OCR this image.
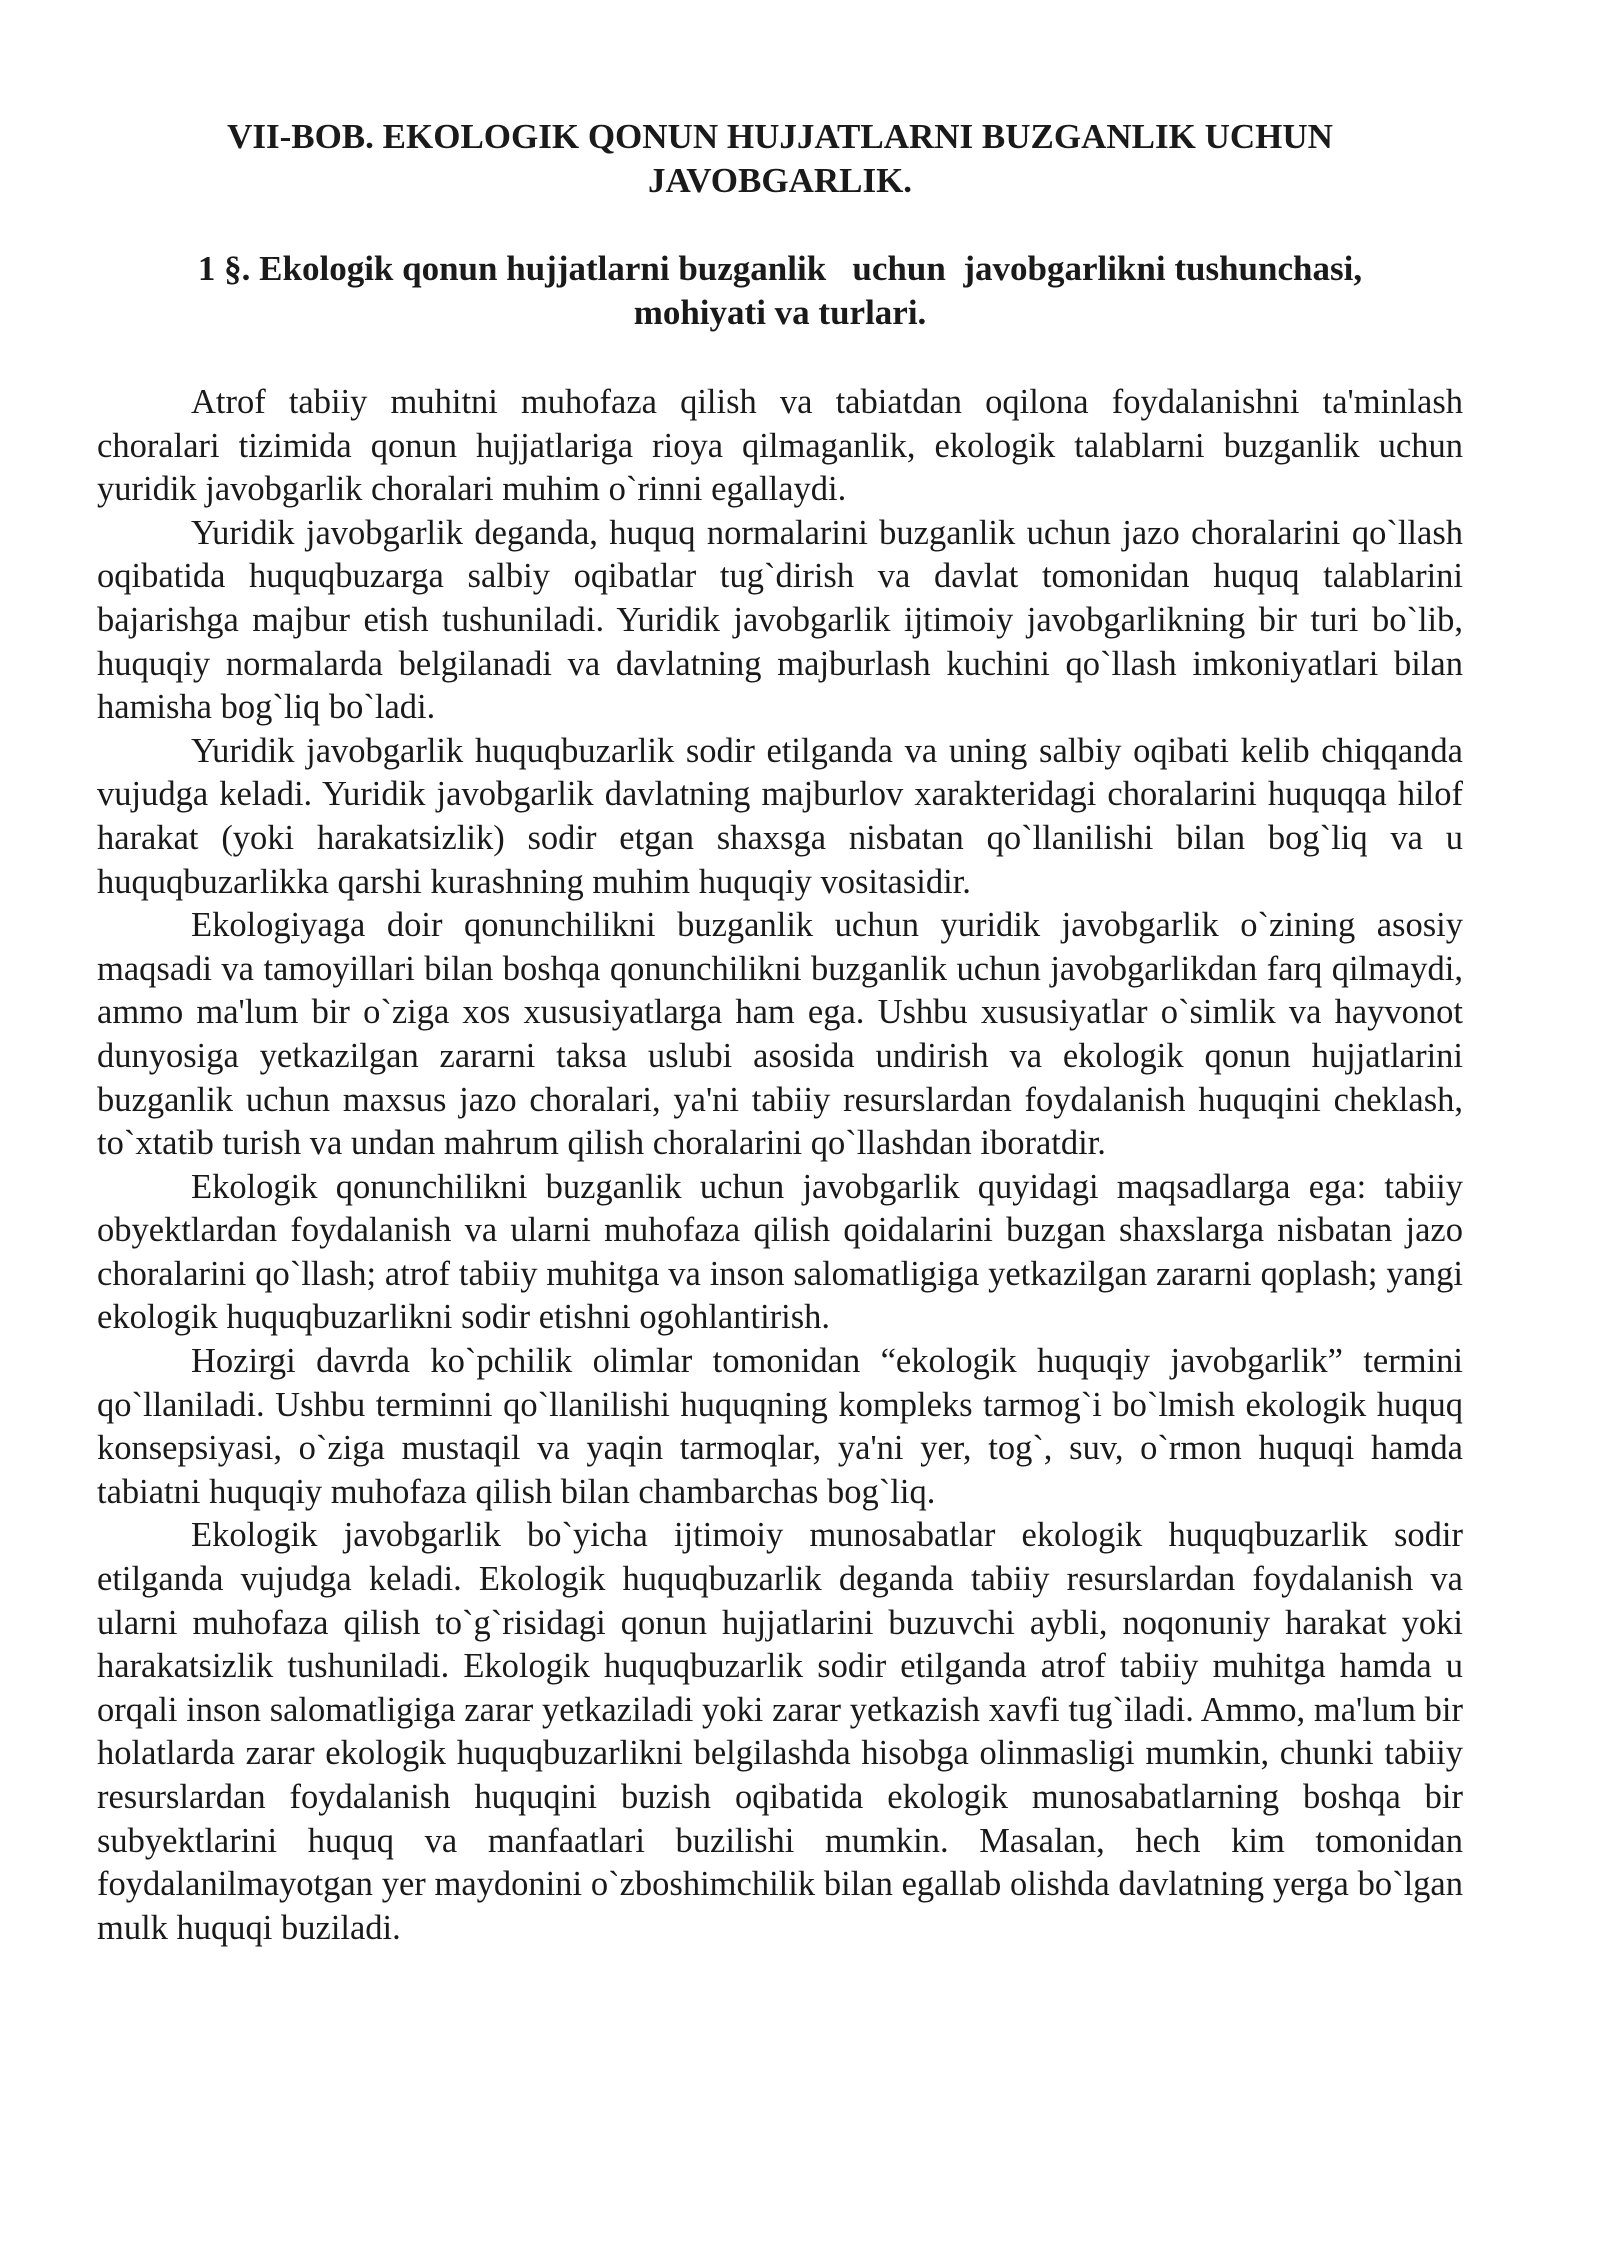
VII-BOB. EKOLOGIK QONUN HUJJATLARNI BUZGANLIK UCHUN JAVOBGARLIK.
1 §. Ekologik qonun hujjatlarni buzganlik   uchun  javobgarlikni tushunchasi, mohiyati va turlari.

Atrof tabiiy muhitni muhofaza qilish va tabiatdan oqilona foydalanishni ta'minlash choralari tizimida qonun hujjatlariga rioya qilmaganlik, ekologik talablarni buzganlik uchun yuridik javobgarlik choralari muhim o`rinni egallaydi.

Yuridik javobgarlik deganda, huquq normalarini buzganlik uchun jazo choralarini qo`llash oqibatida huquqbuzarga salbiy oqibatlar tug`dirish va davlat tomonidan huquq talablarini bajarishga majbur etish tushuniladi. Yuridik javobgarlik ijtimoiy javobgarlikning bir turi bo`lib, huquqiy normalarda belgilanadi va davlatning majburlash kuchini qo`llash imkoniyatlari bilan hamisha bog`liq bo`ladi.

Yuridik javobgarlik huquqbuzarlik sodir etilganda va uning salbiy oqibati kelib chiqqanda vujudga keladi. Yuridik javobgarlik davlatning majburlov xarakteridagi choralarini huquqqa hilof harakat (yoki harakatsizlik) sodir etgan shaxsga nisbatan qo`llanilishi bilan bog`liq va u huquqbuzarlikka qarshi kurashning muhim huquqiy vositasidir.

Ekologiyaga doir qonunchilikni buzganlik uchun yuridik javobgarlik o`zining asosiy maqsadi va tamoyillari bilan boshqa qonunchilikni buzganlik uchun javobgarlikdan farq qilmaydi, ammo ma'lum bir o`ziga xos xususiyatlarga ham ega. Ushbu xususiyatlar o`simlik va hayvonot dunyosiga yetkazilgan zararni taksa uslubi asosida undirish va ekologik qonun hujjatlarini buzganlik uchun maxsus jazo choralari, ya'ni tabiiy resurslardan foydalanish huquqini cheklash, to`xtatib turish va undan mahrum qilish choralarini qo`llashdan iboratdir.

Ekologik qonunchilikni buzganlik uchun javobgarlik quyidagi maqsadlarga ega: tabiiy obyektlardan foydalanish va ularni muhofaza qilish qoidalarini buzgan shaxslarga nisbatan jazo choralarini qo`llash; atrof tabiiy muhitga va inson salomatligiga yetkazilgan zararni qoplash; yangi ekologik huquqbuzarlikni sodir etishni ogohlantirish.

Hozirgi davrda ko`pchilik olimlar tomonidan “ekologik huquqiy javobgarlik” termini qo`llaniladi. Ushbu terminni qo`llanilishi huquqning kompleks tarmog`i bo`lmish ekologik huquq konsepsiyasi, o`ziga mustaqil va yaqin tarmoqlar, ya'ni yer, tog`, suv, o`rmon huquqi hamda tabiatni huquqiy muhofaza qilish bilan chambarchas bog`liq.

Ekologik javobgarlik bo`yicha ijtimoiy munosabatlar ekologik huquqbuzarlik sodir etilganda vujudga keladi. Ekologik huquqbuzarlik deganda tabiiy resurslardan foydalanish va ularni muhofaza qilish to`g`risidagi qonun hujjatlarini buzuvchi aybli, noqonuniy harakat yoki harakatsizlik tushuniladi. Ekologik huquqbuzarlik sodir etilganda atrof tabiiy muhitga hamda u orqali inson salomatligiga zarar yetkaziladi yoki zarar yetkazish xavfi tug`iladi. Ammo, ma'lum bir holatlarda zarar ekologik huquqbuzarlikni belgilashda hisobga olinmasligi mumkin, chunki tabiiy resurslardan foydalanish huquqini buzish oqibatida ekologik munosabatlarning boshqa bir subyektlarini huquq va manfaatlari buzilishi mumkin. Masalan, hech kim tomonidan foydalanilmayotgan yer maydonini o`zboshimchilik bilan egallab olishda davlatning yerga bo`lgan mulk huquqi buziladi.
